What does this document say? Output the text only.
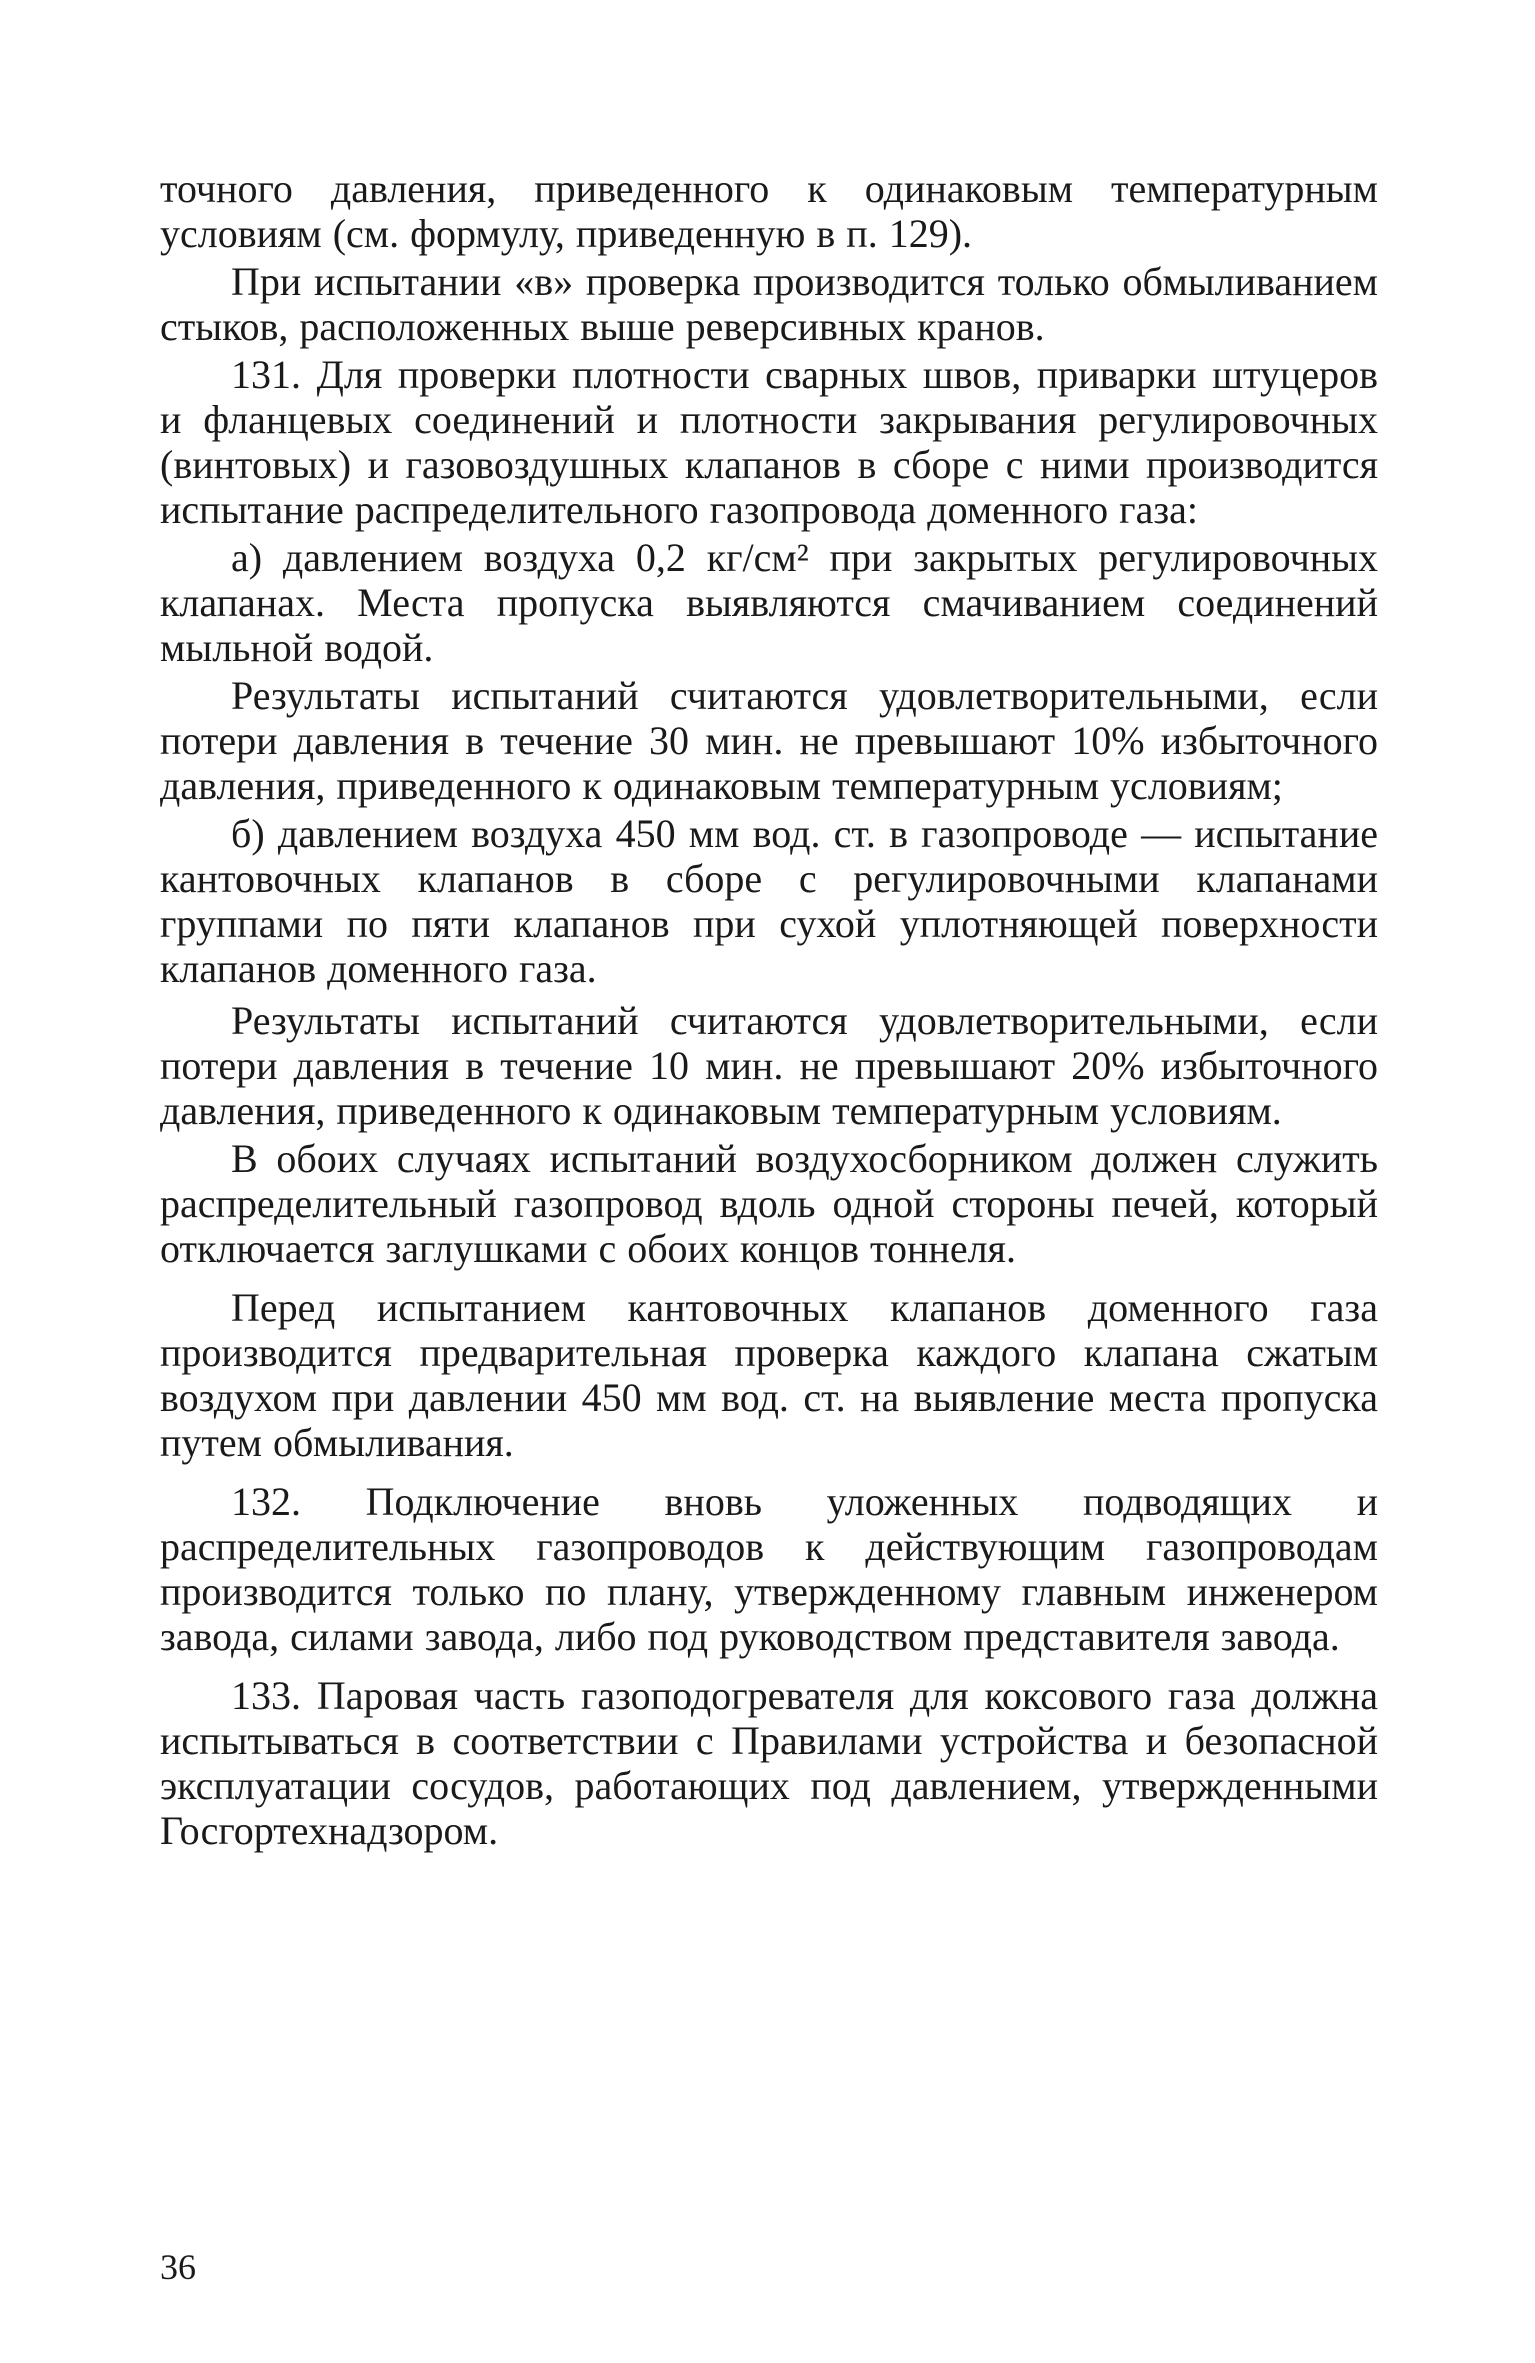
точного давления, приведенного к одинаковым температурным условиям (см. формулу, приведенную в п. 129).

При испытании «в» проверка производится только обмыливанием стыков, расположенных выше реверсивных кранов.

131. Для проверки плотности сварных швов, приварки штуцеров и фланцевых соединений и плотности закрывания регулировочных (винтовых) и газовоздушных клапанов в сборе с ними производится испытание распределительного газопровода доменного газа:

а) давлением воздуха 0,2 кг/см² при закрытых регулировочных клапанах. Места пропуска выявляются смачиванием соединений мыльной водой.

Результаты испытаний считаются удовлетворительными, если потери давления в течение 30 мин. не превышают 10% избыточного давления, приведенного к одинаковым температурным условиям;

б) давлением воздуха 450 мм вод. ст. в газопроводе — испытание кантовочных клапанов в сборе с регулировочными клапанами группами по пяти клапанов при сухой уплотняющей поверхности клапанов доменного газа.

Результаты испытаний считаются удовлетворительными, если потери давления в течение 10 мин. не превышают 20% избыточного давления, приведенного к одинаковым температурным условиям.

В обоих случаях испытаний воздухосборником должен служить распределительный газопровод вдоль одной стороны печей, который отключается заглушками с обоих концов тоннеля.

Перед испытанием кантовочных клапанов доменного газа производится предварительная проверка каждого клапана сжатым воздухом при давлении 450 мм вод. ст. на выявление места пропуска путем обмыливания.

132. Подключение вновь уложенных подводящих и распределительных газопроводов к действующим газопроводам производится только по плану, утвержденному главным инженером завода, силами завода, либо под руководством представителя завода.

133. Паровая часть газоподогревателя для коксового газа должна испытываться в соответствии с Правилами устройства и безопасной эксплуатации сосудов, работающих под давлением, утвержденными Госгортехнадзором.

36
